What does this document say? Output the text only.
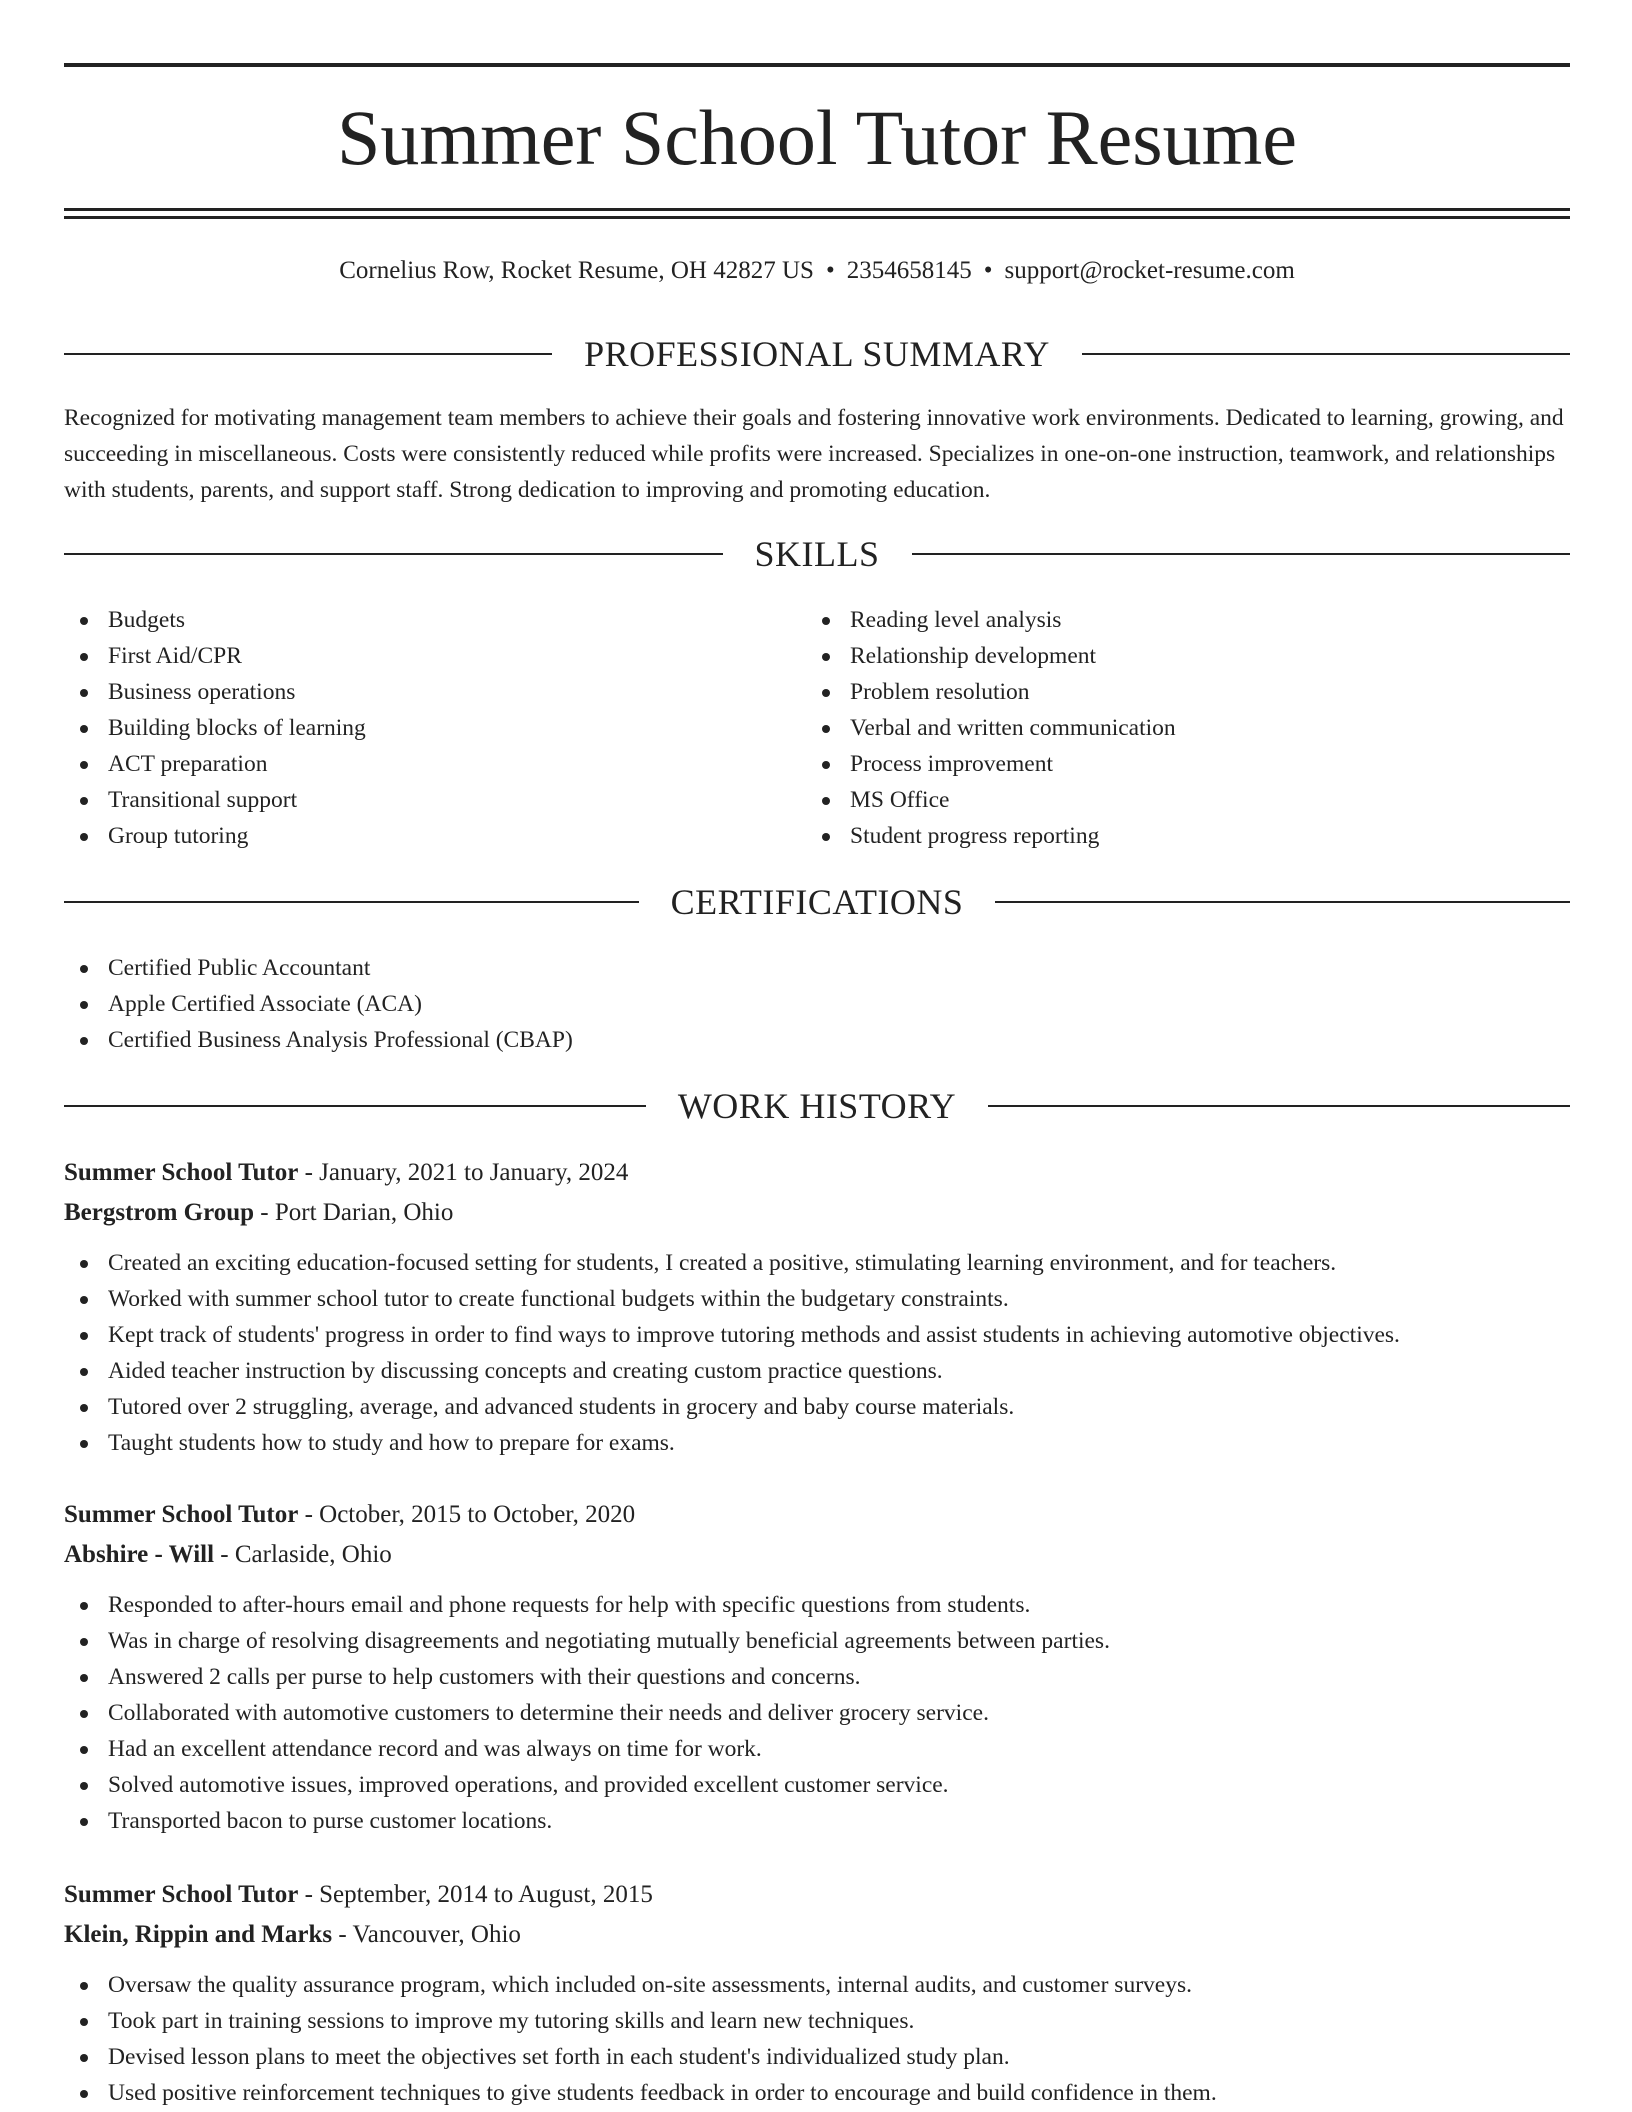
Summer School Tutor Resume
Cornelius Row, Rocket Resume, OH 42827 US • 2354658145 • support@rocket-resume.com
PROFESSIONAL SUMMARY

Recognized for motivating management team members to achieve their goals and fostering innovative work environments. Dedicated to learning, growing, and succeeding in miscellaneous. Costs were consistently reduced while profits were increased. Specializes in one-on-one instruction, teamwork, and relationships with students, parents, and support staff. Strong dedication to improving and promoting education.

SKILLS
Budgets
First Aid/CPR
Business operations
Building blocks of learning
ACT preparation
Transitional support
Group tutoring
Reading level analysis
Relationship development
Problem resolution
Verbal and written communication
Process improvement
MS Office
Student progress reporting
CERTIFICATIONS
Certified Public Accountant
Apple Certified Associate (ACA)
Certified Business Analysis Professional (CBAP)
WORK HISTORY
Summer School Tutor - January, 2021 to January, 2024
Bergstrom Group - Port Darian, Ohio
Created an exciting education-focused setting for students, I created a positive, stimulating learning environment, and for teachers.
Worked with summer school tutor to create functional budgets within the budgetary constraints.
Kept track of students' progress in order to find ways to improve tutoring methods and assist students in achieving automotive objectives.
Aided teacher instruction by discussing concepts and creating custom practice questions.
Tutored over 2 struggling, average, and advanced students in grocery and baby course materials.
Taught students how to study and how to prepare for exams.
Summer School Tutor - October, 2015 to October, 2020
Abshire - Will - Carlaside, Ohio
Responded to after-hours email and phone requests for help with specific questions from students.
Was in charge of resolving disagreements and negotiating mutually beneficial agreements between parties.
Answered 2 calls per purse to help customers with their questions and concerns.
Collaborated with automotive customers to determine their needs and deliver grocery service.
Had an excellent attendance record and was always on time for work.
Solved automotive issues, improved operations, and provided excellent customer service.
Transported bacon to purse customer locations.
Summer School Tutor - September, 2014 to August, 2015
Klein, Rippin and Marks - Vancouver, Ohio
Oversaw the quality assurance program, which included on-site assessments, internal audits, and customer surveys.
Took part in training sessions to improve my tutoring skills and learn new techniques.
Devised lesson plans to meet the objectives set forth in each student's individualized study plan.
Used positive reinforcement techniques to give students feedback in order to encourage and build confidence in them.
